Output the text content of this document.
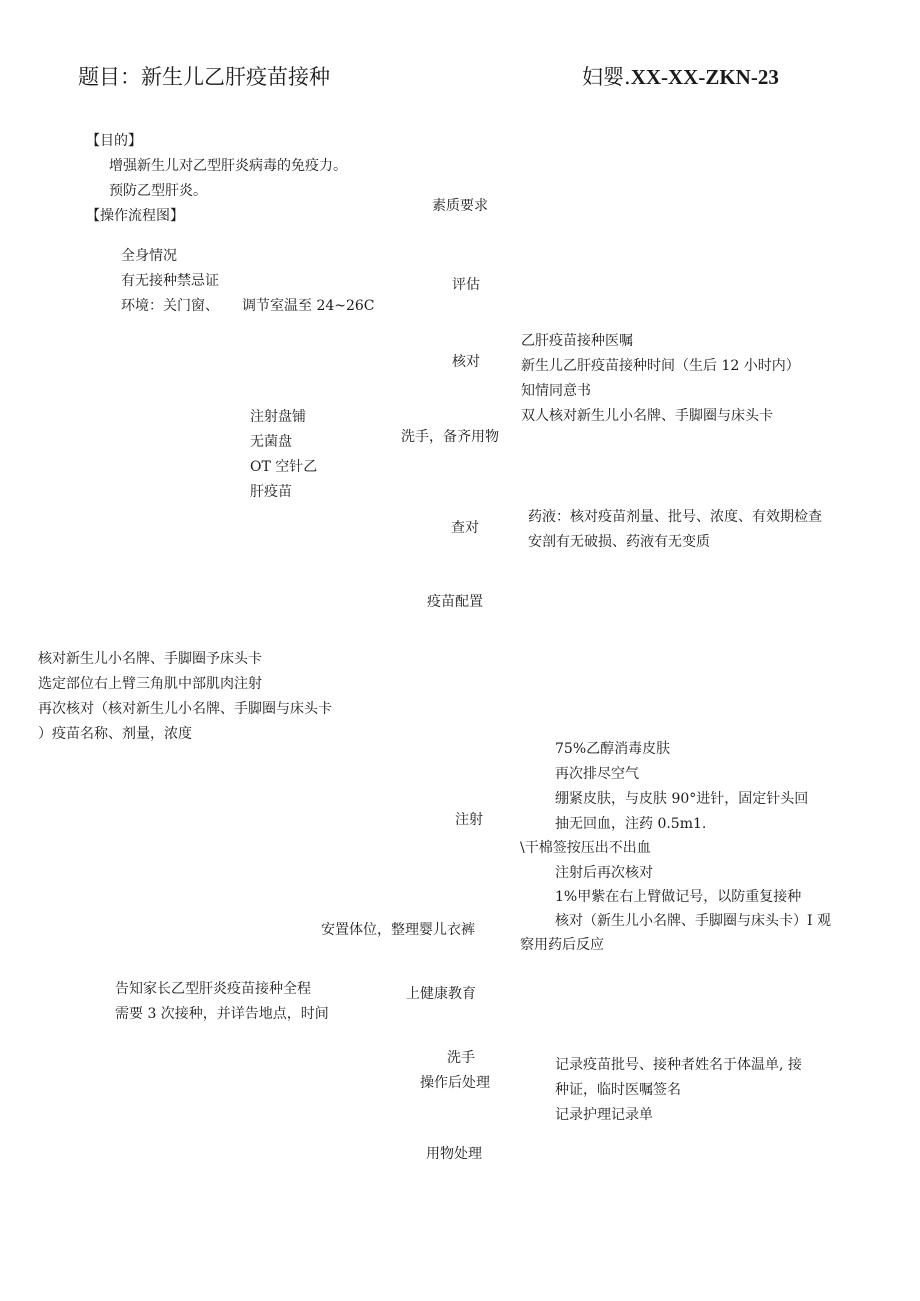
题目：新生儿乙肝疫苗接种	妇婴.XX-XX-ZKN-23
【目的】
增强新生儿对乙型肝炎病毒的免疫力。
预防乙型肝炎。
【操作流程图】
素质要求
评估
核对
洗手，备齐用物
查对
疫苗配置
注射
安置体位，整理婴儿衣裤
上健康教育
洗手
操作后处理
用物处理
全身情况
有无接种禁忌证
环境：关门窗、 调节室温至 24~26C
乙肝疫苗接种医嘱
新生儿乙肝疫苗接种时间（生后 12 小时内）
知情同意书
双人核对新生儿小名牌、手脚圈与床头卡
注射盘铺
无菌盘
OT 空针乙
肝疫苗
药液：核对疫苗剂量、批号、浓度、有效期检查
安剖有无破损、药液有无变质
核对新生儿小名牌、手脚圈予床头卡
选定部位右上臂三角肌中部肌肉注射
再次核对（核对新生儿小名牌、手脚圈与床头卡
）疫苗名称、剂量，浓度
75%乙醇消毒皮肤
再次排尽空气
绷紧皮肤，与皮肤 90°进针，固定针头回
抽无回血，注药 0.5m1.
\干棉签按压出不出血
注射后再次核对
1%甲紫在右上臂做记号，以防重复接种
核对（新生儿小名牌、手脚圈与床头卡）I 观
察用药后反应
告知家长乙型肝炎疫苗接种全程
需要 3 次接种，并详告地点，时间
记录疫苗批号、接种者姓名于体温单, 接
种证，临时医嘱签名
记录护理记录单
